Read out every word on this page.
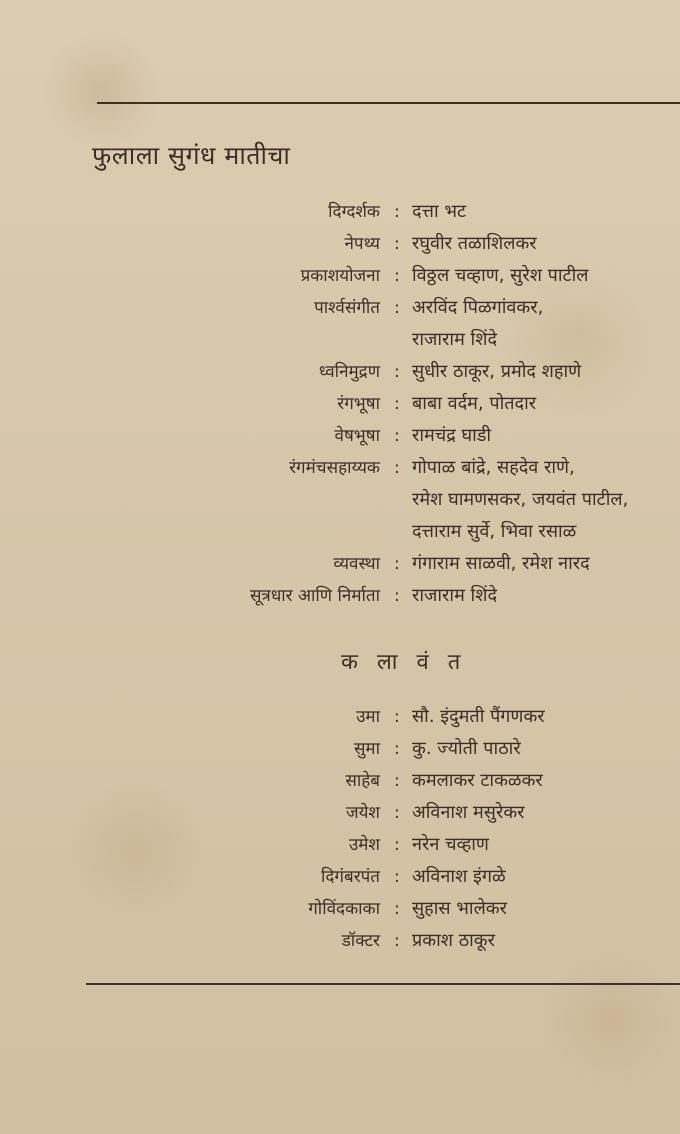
फुलाला सुगंध मातीचा
दिग्दर्शक : दत्ता भट
नेपथ्य : रघुवीर तळाशिलकर
प्रकाशयोजना : विठ्ठल चव्हाण, सुरेश पाटील
पार्श्वसंगीत : अरविंद पिळगांवकर,
राजाराम शिंदे
ध्वनिमुद्रण : सुधीर ठाकूर, प्रमोद शहाणे
रंगभूषा : बाबा वर्दम, पोतदार
वेषभूषा : रामचंद्र घाडी
रंगमंचसहाय्यक : गोपाळ बांद्रे, सहदेव राणे,
रमेश घामणसकर, जयवंत पाटील,
दत्ताराम सुर्वे, भिवा रसाळ
व्यवस्था : गंगाराम साळवी, रमेश नारद
सूत्रधार आणि निर्माता : राजाराम शिंदे
क ला वं त
उमा : सौ. इंदुमती पैंगणकर
सुमा : कु. ज्योती पाठारे
साहेब : कमलाकर टाकळकर
जयेश : अविनाश मसुरेकर
उमेश : नरेन चव्हाण
दिगंबरपंत : अविनाश इंगळे
गोविंदकाका : सुहास भालेकर
डॉक्टर : प्रकाश ठाकूर
